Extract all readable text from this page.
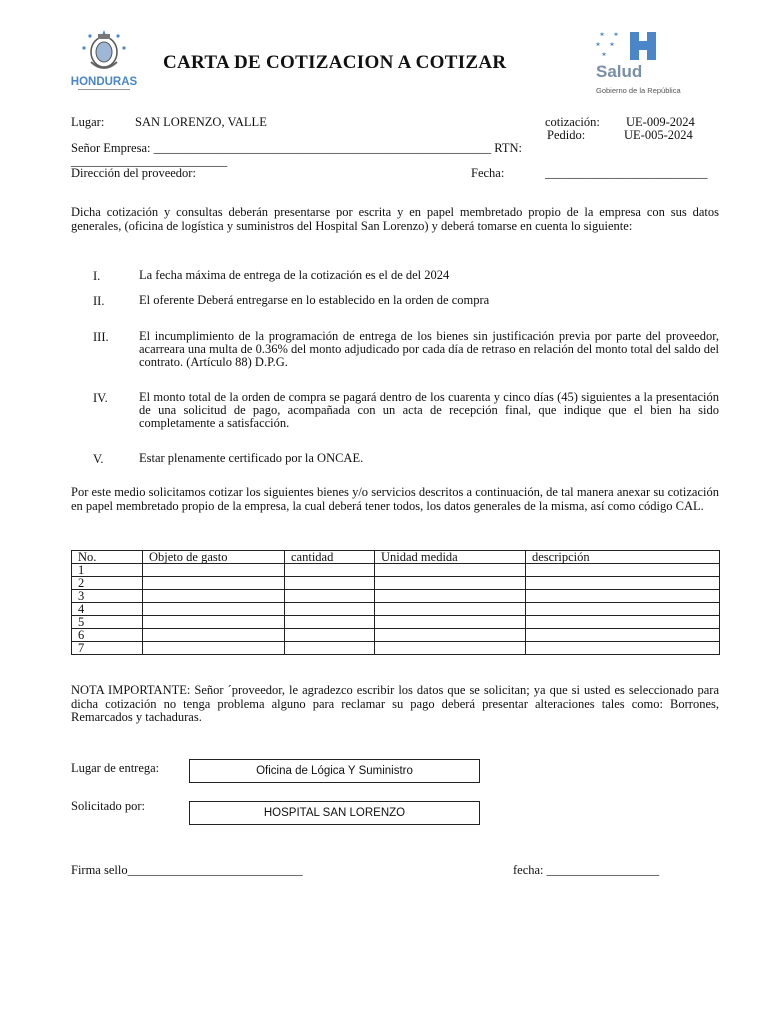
HONDURAS
Salud
Gobierno de la República
CARTA DE COTIZACION A COTIZAR
Lugar: SAN LORENZO, VALLE	cotización: UE-009-2024
Pedido:	UE-005-2024
Señor Empresa: ______________________________________________________ RTN:
_________________________
Dirección del proveedor:	Fecha:	__________________________
Dicha cotización y consultas deberán presentarse por escrita y en papel membretado propio de la empresa con sus datos generales, (oficina de logística y suministros del Hospital San Lorenzo) y deberá tomarse en cuenta lo siguiente:
I.	La fecha máxima de entrega de la cotización es el de del 2024
II.	El oferente Deberá entregarse en lo establecido en la orden de compra
III. El incumplimiento de la programación de entrega de los bienes sin justificación previa por parte del proveedor, acarreara una multa de 0.36% del monto adjudicado por cada día de retraso en relación del monto total del saldo del contrato. (Artículo 88) D.P.G.
IV.	El monto total de la orden de compra se pagará dentro de los cuarenta y cinco días (45) siguientes a la presentación de una solicitud de pago, acompañada con un acta de recepción final, que indique que el bien ha sido completamente a satisfacción.
V.	Estar plenamente certificado por la ONCAE.
Por este medio solicitamos cotizar los siguientes bienes y/o servicios descritos a continuación, de tal manera anexar su cotización en papel membretado propio de la empresa, la cual deberá tener todos, los datos generales de la misma, así como código CAL.
No.	Objeto de gasto	cantidad	Unidad medida	descripción
1				
2				
3				
4				
5				
6				
7				
NOTA IMPORTANTE: Señor ´proveedor, le agradezco escribir los datos que se solicitan; ya que si usted es seleccionado para dicha cotización no tenga problema alguno para reclamar su pago deberá presentar alteraciones tales como: Borrones, Remarcados y tachaduras.
Lugar de entrega:	Oficina de Lógica Y Suministro
Solicitado por:	HOSPITAL SAN LORENZO
Firma sello____________________________	fecha: __________________
